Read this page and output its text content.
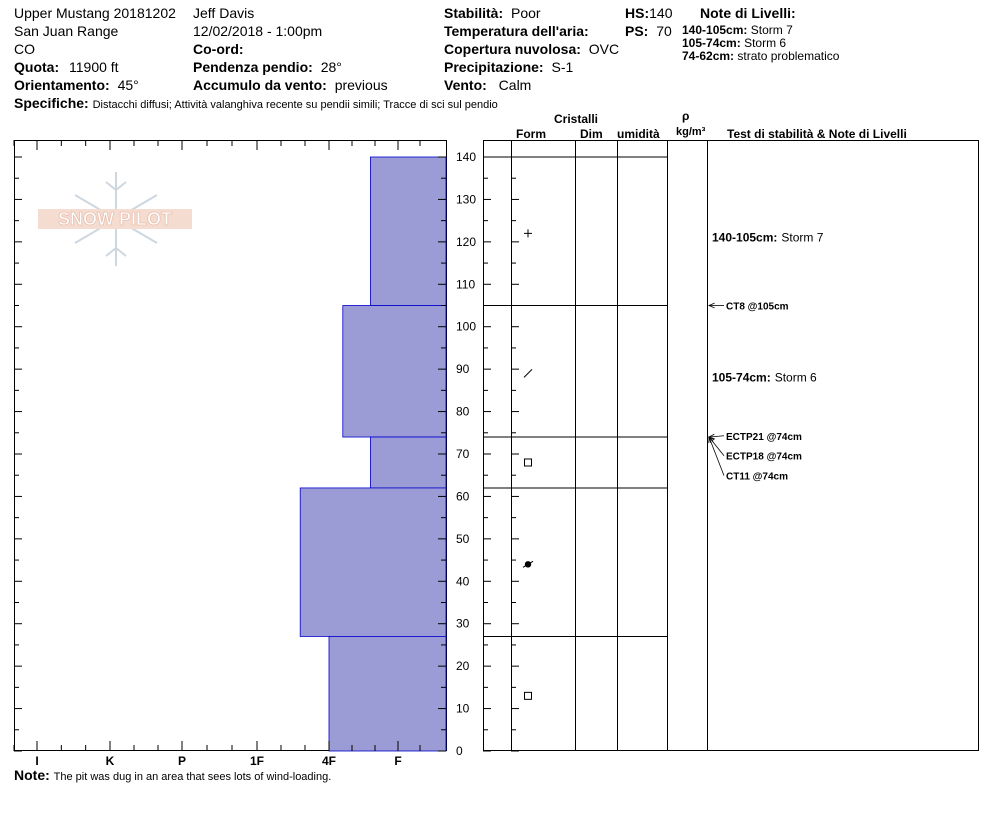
Upper Mustang 20181202
San Juan Range
CO
Quota: 11900 ft
Orientamento: 45°
Jeff Davis
12/02/2018 - 1:00pm
Co-ord:
Pendenza pendio: 28°
Accumulo da vento: previous
Stabilità: Poor
Temperatura dell'aria:
Copertura nuvolosa: OVC
Precipitazione: S-1
Vento: Calm
HS:140
PS: 70
Note di Livelli:
140-105cm: Storm 7
105-74cm: Storm 6
74-62cm: strato problematico
Specifiche: Distacchi diffusi; Attività valanghiva recente su pendii simili; Tracce di sci sul pendio
Cristalli
Form	Dim umidità
ρ
kg/m³ Test di stabilità & Note di Livelli
SNOW PILOT
I	K	P	1F	4F	F
0
10
20
30
40
50
60
70
80
90
100
110
120
130
140
140-105cm: Storm 7
105-74cm: Storm 6
CT8 @105cm
ECTP21 @74cm
ECTP18 @74cm
CT11 @74cm
Note: The pit was dug in an area that sees lots of wind-loading.
